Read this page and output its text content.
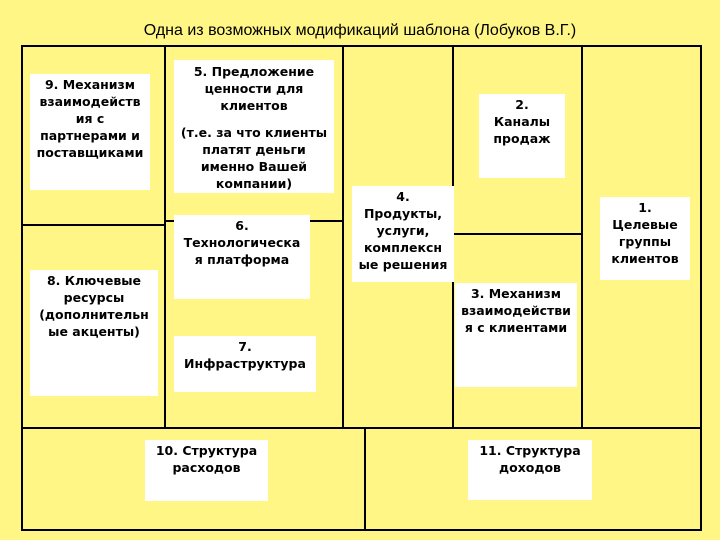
Одна из возможных модификаций шаблона (Лобуков В.Г.)
9. Механизм
взаимодейств
ия с
партнерами и
поставщиками
5. Предложение
ценности для
клиентов
(т.е. за что клиенты
платят деньги
именно Вашей
компании)
2.
Каналы
продаж
4.
Продукты,
услуги,
комплексн
ые решения
1.
Целевые
группы
клиентов
6.
Технологическа
я платформа
8. Ключевые
ресурсы
(дополнительн
ые акценты)
3. Механизм
взаимодействи
я с клиентами
7.
Инфраструктура
10. Структура
расходов
11. Структура
доходов
